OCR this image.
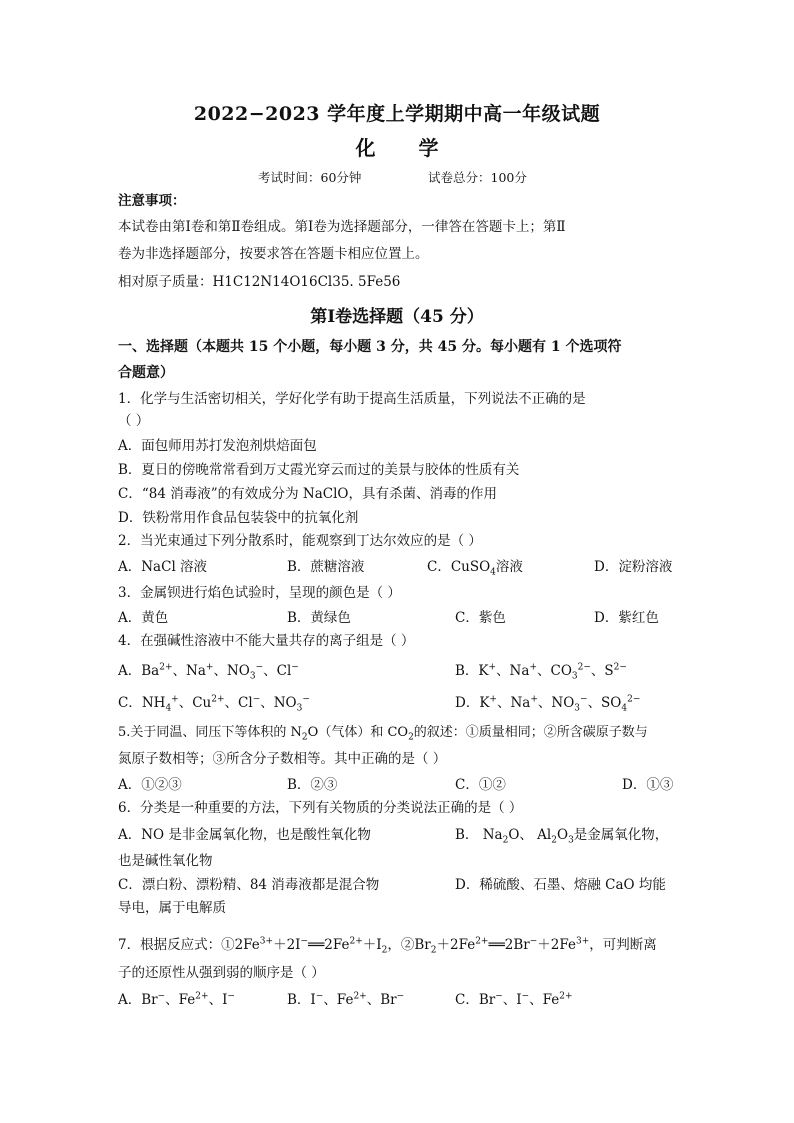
2022−2023 学年度上学期期中高一年级试题
化 学
考试时间：60分钟	试卷总分：100分
注意事项：
本试卷由第Ⅰ卷和第Ⅱ卷组成。第Ⅰ卷为选择题部分，一律答在答题卡上；第Ⅱ
卷为非选择题部分，按要求答在答题卡相应位置上。
相对原子质量：H1C12N14O16Cl35. 5Fe56
第Ⅰ卷选择题（45 分）
一、选择题（本题共 15 个小题，每小题 3 分，共 45 分。每小题有 1 个选项符
合题意）
1．化学与生活密切相关，学好化学有助于提高生活质量，下列说法不正确的是
（ ）
A．面包师用苏打发泡剂烘焙面包
B．夏日的傍晚常常看到万丈霞光穿云而过的美景与胶体的性质有关
C．“84 消毒液”的有效成分为 NaClO，具有杀菌、消毒的作用
D．铁粉常用作食品包装袋中的抗氧化剂
2．当光束通过下列分散系时，能观察到丁达尔效应的是（ ）
A．NaCl 溶液	B．蔗糖溶液	C．CuSO$_4$溶液	D．淀粉溶液
3．金属钡进行焰色试验时，呈现的颜色是（ ）
A．黄色	B．黄绿色	C．紫色	D．紫红色
4．在强碱性溶液中不能大量共存的离子组是（ ）
A．$Ba^{2+}$、Na+、$NO_3^-$、Cl−	B．K+、Na+、$CO_3^{2-}$、$S^{2-}$
C．$NH_4^+$、$Cu^{2+}$、Cl−、$NO_3^-$	D．K+、Na+、$NO_3^-$、$SO_4^{2-}$
5.关于同温、同压下等体积的 $N_2O$（气体）和 $CO_2$的叙述：①质量相同；②所含碳原子数与
氮原子数相等；③所含分子数相等。其中正确的是（ ）
A．①②③	B．②③	C．①②	D．①③
6．分类是一种重要的方法，下列有关物质的分类说法正确的是（ ）
A．NO 是非金属氧化物，也是酸性氧化物	B． $Na_2O$、 $Al_2O_3$是金属氧化物，
也是碱性氧化物
C．漂白粉、漂粉精、84 消毒液都是混合物	D．稀硫酸、石墨、熔融 CaO 均能
导电，属于电解质
7．根据反应式：$①2Fe^{3+}+2I^-══2Fe^{2+}+I_2$，$②Br_2+2Fe^{2+}══2Br^-+2Fe^{3+}$，可判断离
子的还原性从强到弱的顺序是（ ）
A．Br−、$Fe^{2+}$、I−	B．I−、$Fe^{2+}$、Br−	C．Br−、I−、$Fe^{2+}$
